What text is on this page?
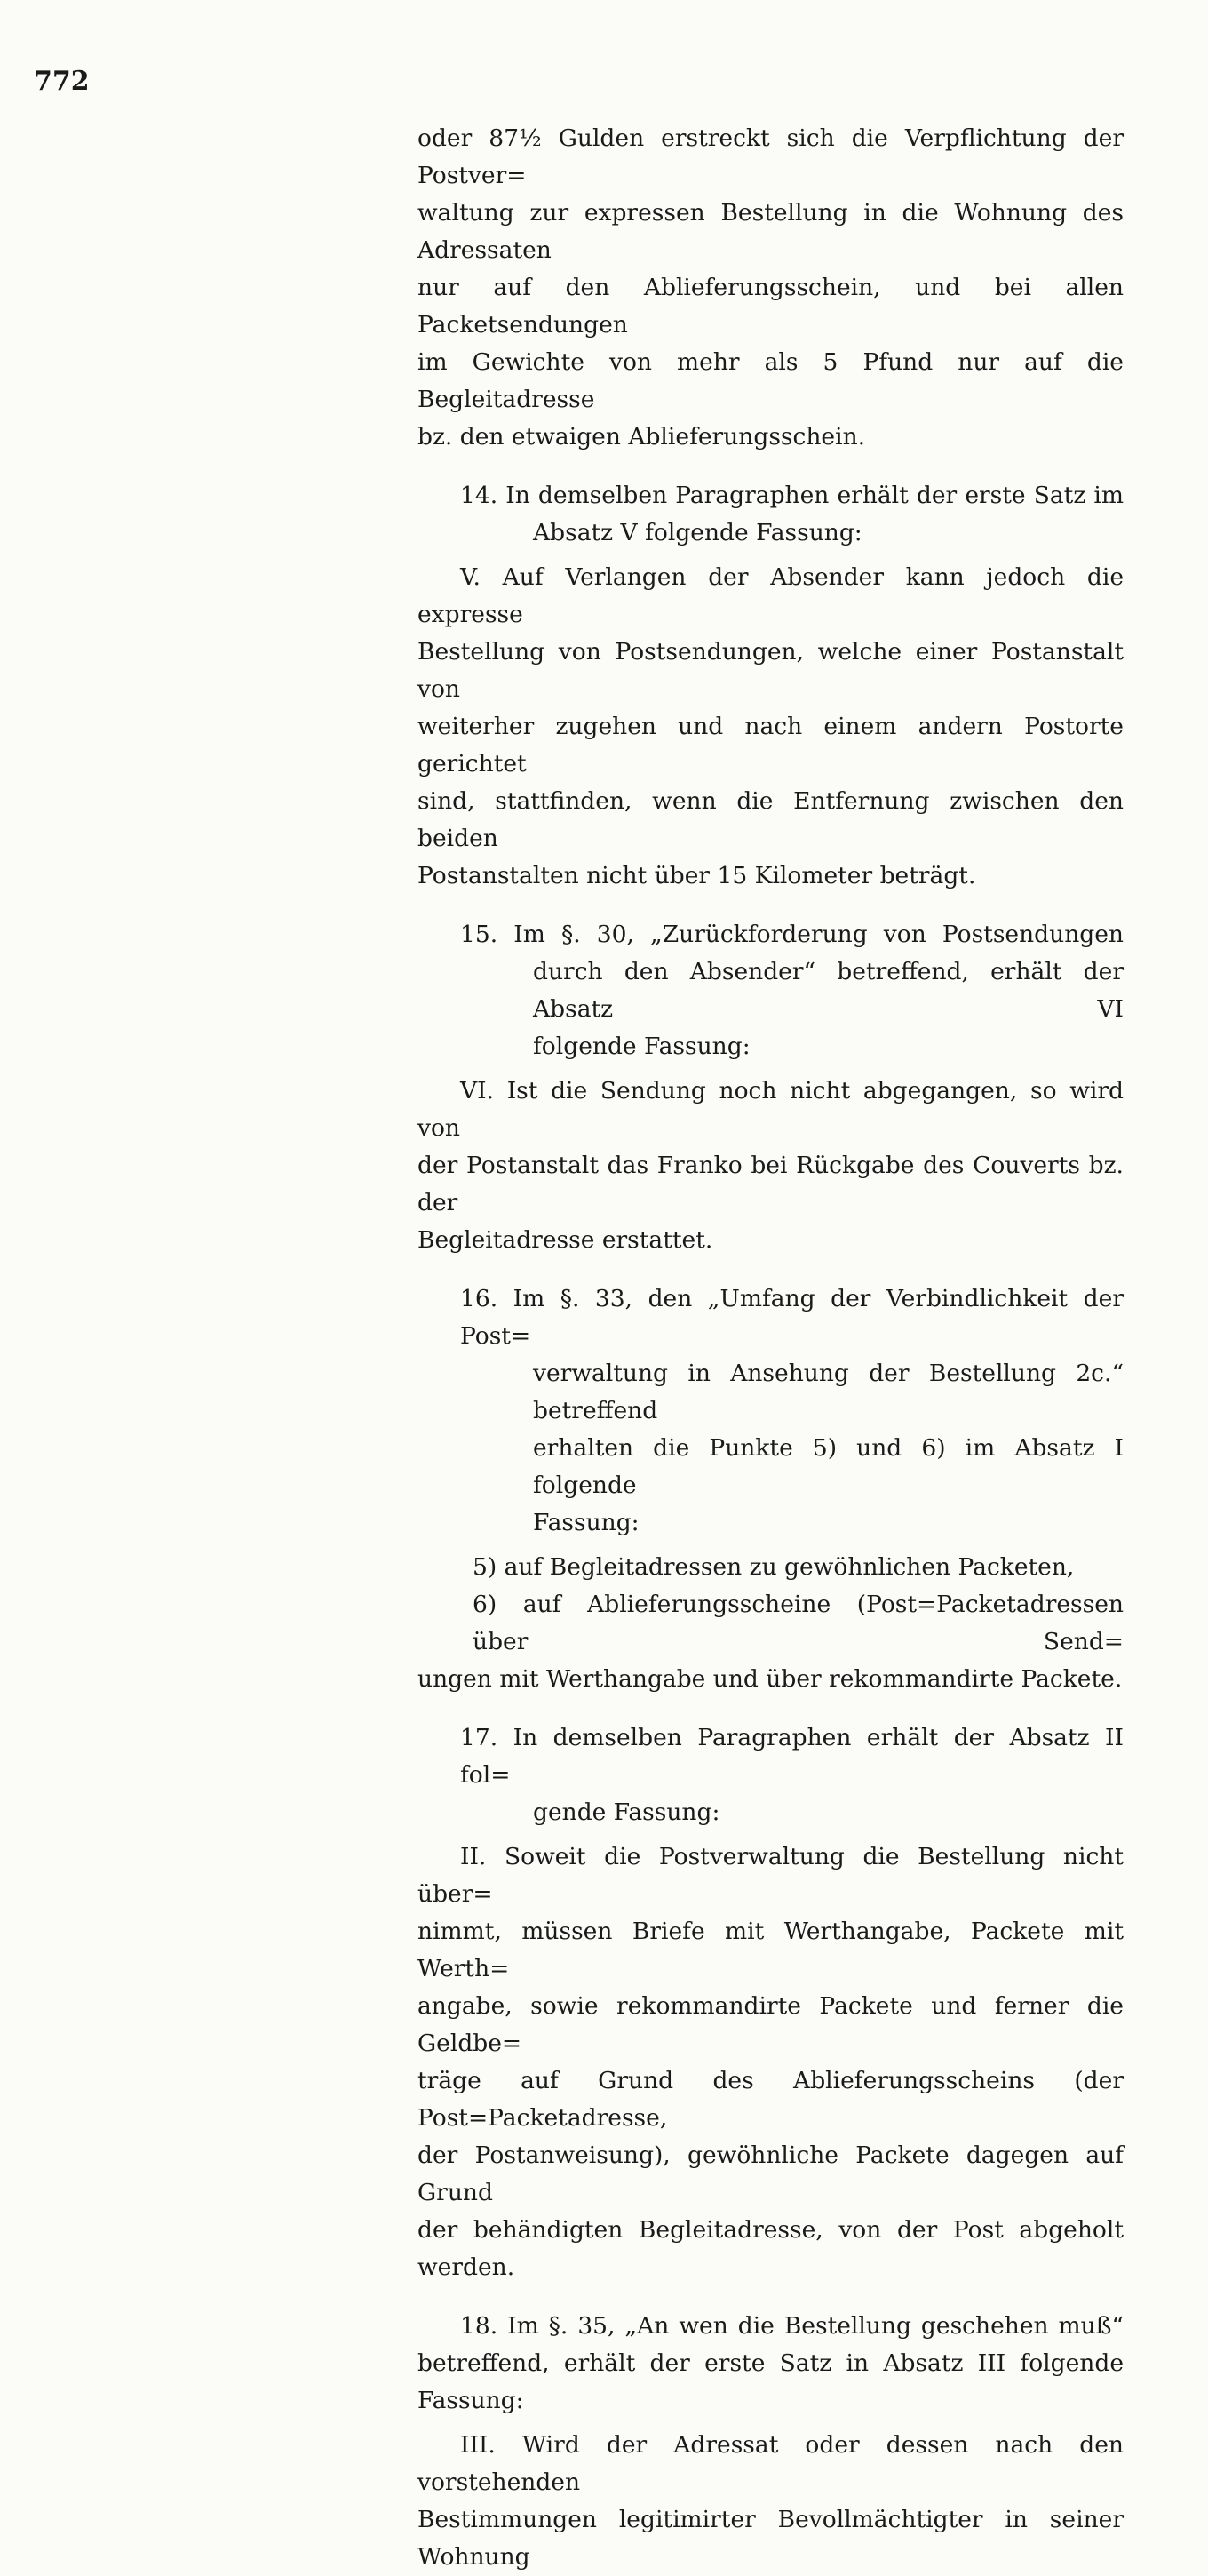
772

oder 87½ Gulden erstreckt sich die Verpflichtung der Postver=

waltung zur expressen Bestellung in die Wohnung des Adressaten

nur auf den Ablieferungsschein, und bei allen Packetsendungen

im Gewichte von mehr als 5 Pfund nur auf die Begleitadresse

bz. den etwaigen Ablieferungsschein.

14. In demselben Paragraphen erhält der erste Satz im

Absatz V folgende Fassung:

V. Auf Verlangen der Absender kann jedoch die expresse

Bestellung von Postsendungen, welche einer Postanstalt von

weiterher zugehen und nach einem andern Postorte gerichtet

sind, stattfinden, wenn die Entfernung zwischen den beiden

Postanstalten nicht über 15 Kilometer beträgt.

15. Im §. 30, „Zurückforderung von Postsendungen

durch den Absender“ betreffend, erhält der Absatz VI

folgende Fassung:

VI. Ist die Sendung noch nicht abgegangen, so wird von

der Postanstalt das Franko bei Rückgabe des Couverts bz. der

Begleitadresse erstattet.

16. Im §. 33, den „Umfang der Verbindlichkeit der Post=

verwaltung in Ansehung der Bestellung 2c.“ betreffend

erhalten die Punkte 5) und 6) im Absatz I folgende

Fassung:

5) auf Begleitadressen zu gewöhnlichen Packeten,

6) auf Ablieferungsscheine (Post=Packetadressen über Send=

ungen mit Werthangabe und über rekommandirte Packete.

17. In demselben Paragraphen erhält der Absatz II fol=

gende Fassung:

II. Soweit die Postverwaltung die Bestellung nicht über=

nimmt, müssen Briefe mit Werthangabe, Packete mit Werth=

angabe, sowie rekommandirte Packete und ferner die Geldbe=

träge auf Grund des Ablieferungsscheins (der Post=Packetadresse,

der Postanweisung), gewöhnliche Packete dagegen auf Grund

der behändigten Begleitadresse, von der Post abgeholt werden.

18. Im §. 35, „An wen die Bestellung geschehen muß“

betreffend, erhält der erste Satz in Absatz III folgende Fassung:

III. Wird der Adressat oder dessen nach den vorstehenden

Bestimmungen legitimirter Bevollmächtigter in seiner Wohnung
